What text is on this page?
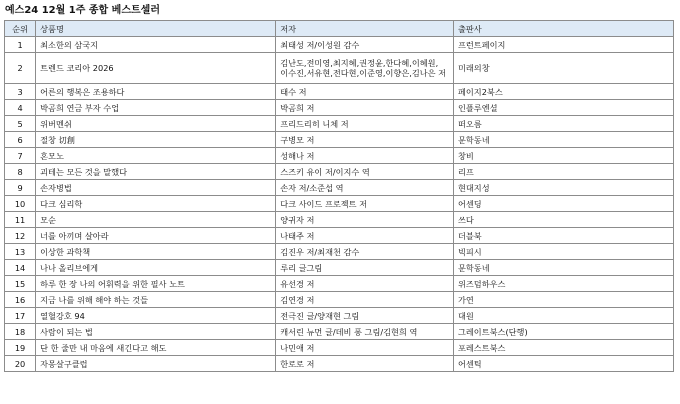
예스24 12월 1주 종합 베스트셀러
순위	상품명	저자	출판사
1	최소한의 삼국지	최태성 저/이성원 감수	프런트페이지
2	트렌드 코리아 2026	김난도,전미영,최지혜,권정윤,한다혜,이혜원,이수진,서유현,전다현,이준영,이향은,김나은 저	미래의창
3	어른의 행복은 조용하다	태수 저	페이지2북스
4	박곰희 연금 부자 수업	박곰희 저	인플루엔셜
5	위버멘쉬	프리드리히 니체 저	떠오름
6	절창 切創	구병모 저	문학동네
7	혼모노	성해나 저	창비
8	괴테는 모든 것을 말했다	스즈키 유이 저/이지수 역	리프
9	손자병법	손자 저/소준섭 역	현대지성
10	다크 심리학	다크 사이드 프로젝트 저	어센딩
11	모순	양귀자 저	쓰다
12	너를 아끼며 살아라	나태주 저	더블북
13	이상한 과학책	김진우 저/최재천 감수	빅피시
14	나나 올리브에게	루리 글그림	문학동네
15	하루 한 장 나의 어휘력을 위한 필사 노트	유선경 저	위즈덤하우스
16	지금 나를 위해 해야 하는 것들	김연경 저	가연
17	열혈강호 94	전극진 글/양재현 그림	대원
18	사람이 되는 법	캐서린 뉴먼 글/데비 퐁 그림/김현희 역	그레이트북스(단행)
19	단 한 줄만 내 마음에 새긴다고 해도	나민애 저	포레스트북스
20	자몽살구클럽	한로로 저	어센틱
